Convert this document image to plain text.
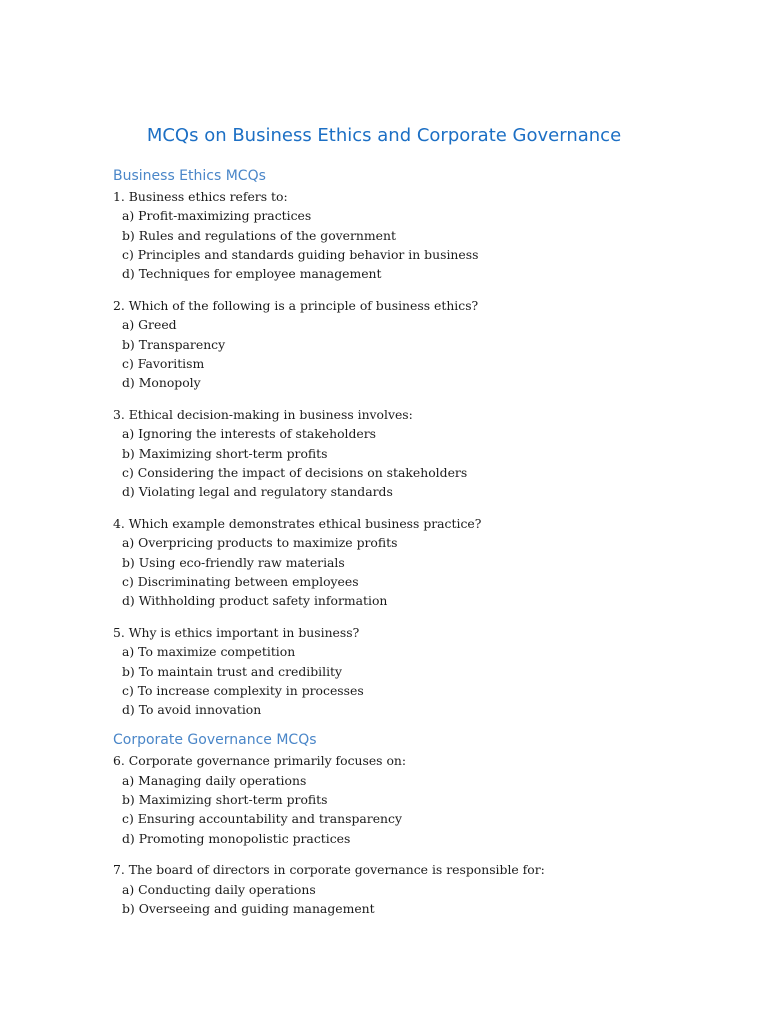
MCQs on Business Ethics and Corporate Governance
Business Ethics MCQs
1. Business ethics refers to:
a) Profit-maximizing practices
b) Rules and regulations of the government
c) Principles and standards guiding behavior in business
d) Techniques for employee management
2. Which of the following is a principle of business ethics?
a) Greed
b) Transparency
c) Favoritism
d) Monopoly
3. Ethical decision-making in business involves:
a) Ignoring the interests of stakeholders
b) Maximizing short-term profits
c) Considering the impact of decisions on stakeholders
d) Violating legal and regulatory standards
4. Which example demonstrates ethical business practice?
a) Overpricing products to maximize profits
b) Using eco-friendly raw materials
c) Discriminating between employees
d) Withholding product safety information
5. Why is ethics important in business?
a) To maximize competition
b) To maintain trust and credibility
c) To increase complexity in processes
d) To avoid innovation
Corporate Governance MCQs
6. Corporate governance primarily focuses on:
a) Managing daily operations
b) Maximizing short-term profits
c) Ensuring accountability and transparency
d) Promoting monopolistic practices
7. The board of directors in corporate governance is responsible for:
a) Conducting daily operations
b) Overseeing and guiding management
